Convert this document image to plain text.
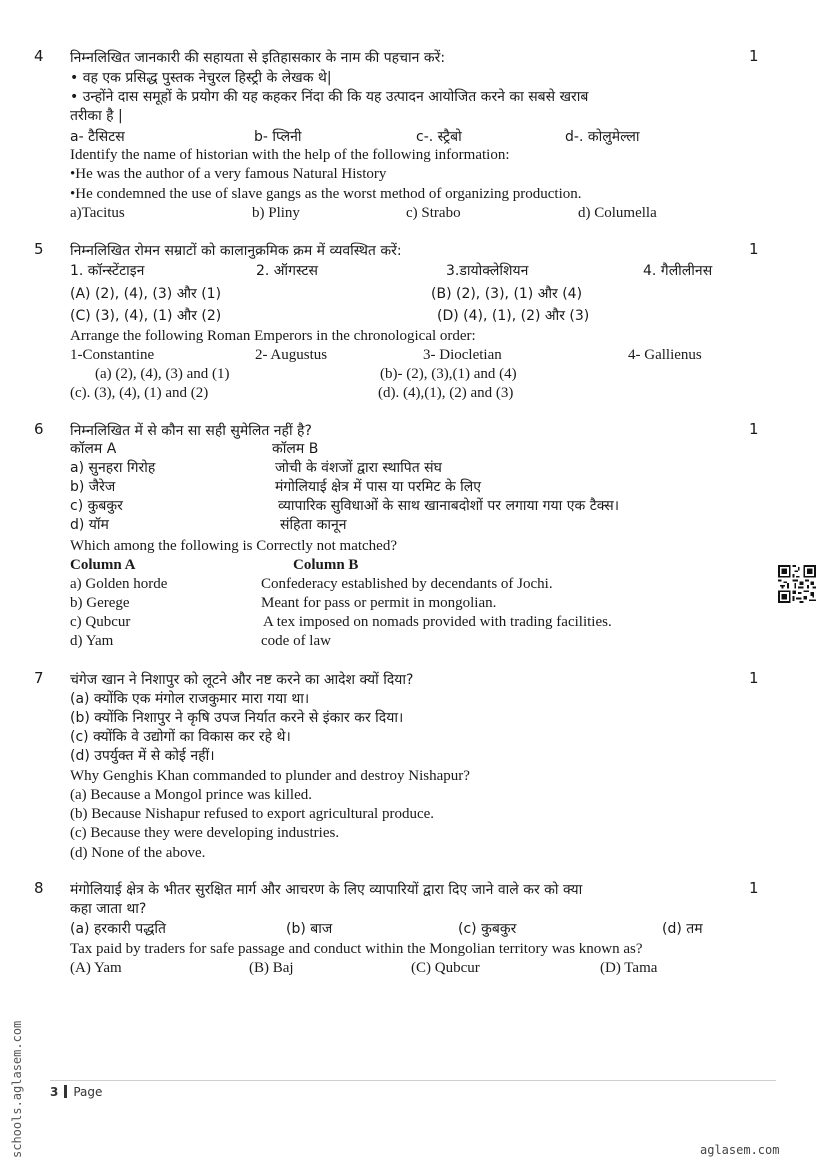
4	1
निम्नलिखित जानकारी की सहायता से इतिहासकार के नाम की पहचान करें:
• वह एक प्रसिद्ध पुस्तक नेचुरल हिस्ट्री के लेखक थे|
• उन्होंने दास समूहों के प्रयोग की यह कहकर निंदा की कि यह उत्पादन आयोजित करने का सबसे खराब
तरीका है |
a- टैसिटस	b- प्लिनी	c-. स्ट्रैबो	d-. कोलुमेल्ला
Identify the name of historian with the help of the following information:
•He was the author of a very famous Natural History
•He condemned the use of slave gangs as the worst method of organizing production.
a)Tacitus	b) Pliny	c) Strabo	d) Columella
5	1
निम्नलिखित रोमन सम्राटों को कालानुक्रमिक क्रम में व्यवस्थित करें:
1. कॉन्स्टेंटाइन	2. ऑगस्टस	3.डायोक्लेशियन	4. गैलीलीनस
(A) (2), (4), (3) और (1)	(B) (2), (3), (1) और (4)
(C) (3), (4), (1) और (2)	(D) (4), (1), (2) और (3)
Arrange the following Roman Emperors in the chronological order:
1-Constantine	2- Augustus	3- Diocletian	4- Gallienus
(a) (2), (4), (3) and (1)	(b)- (2), (3),(1) and (4)
(c). (3), (4), (1) and (2)	(d). (4),(1), (2) and (3)
6	1
निम्नलिखित में से कौन सा सही सुमेलित नहीं है?
कॉलम A	कॉलम B
a) सुनहरा गिरोह	जोची के वंशजों द्वारा स्थापित संघ
b) जैरेज	मंगोलियाई क्षेत्र में पास या परमिट के लिए
c) कुबकुर	व्यापारिक सुविधाओं के साथ खानाबदोशों पर लगाया गया एक टैक्स।
d) यॉम	संहिता कानून
Which among the following is Correctly not matched?
Column A	Column B
a) Golden horde	Confederacy established by decendants of Jochi.
b) Gerege	Meant for pass or permit in mongolian.
c) Qubcur	A tex imposed on nomads provided with trading facilities.
d) Yam	code of law
7	1
चंगेज खान ने निशापुर को लूटने और नष्ट करने का आदेश क्यों दिया?
(a) क्योंकि एक मंगोल राजकुमार मारा गया था।
(b) क्योंकि निशापुर ने कृषि उपज निर्यात करने से इंकार कर दिया।
(c) क्योंकि वे उद्योगों का विकास कर रहे थे।
(d) उपर्युक्त में से कोई नहीं।
Why Genghis Khan commanded to plunder and destroy Nishapur?
(a) Because a Mongol prince was killed.
(b) Because Nishapur refused to export agricultural produce.
(c) Because they were developing industries.
(d) None of the above.
8	1
मंगोलियाई क्षेत्र के भीतर सुरक्षित मार्ग और आचरण के लिए व्यापारियों द्वारा दिए जाने वाले कर को क्या
कहा जाता था?
(a) हरकारी पद्धति	(b) बाज	(c) कुबकुर	(d) तम
Tax paid by traders for safe passage and conduct within the Mongolian territory was known as?
(A) Yam	(B) Baj	(C) Qubcur	(D) Tama
3 Page
aglasem.com
schools.aglasem.com
